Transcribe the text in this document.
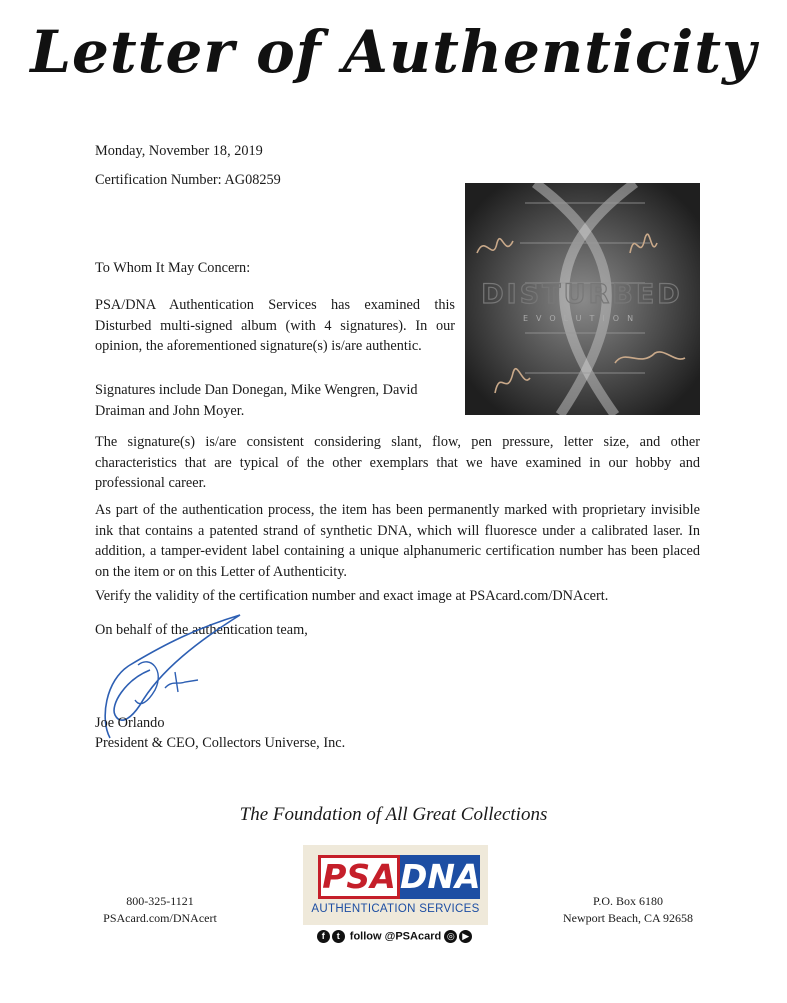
Letter of Authenticity
Monday, November 18, 2019
Certification Number: AG08259
To Whom It May Concern:
PSA/DNA Authentication Services has examined this Disturbed multi-signed album (with 4 signatures). In our opinion, the aforementioned signature(s) is/are authentic.
Signatures include Dan Donegan, Mike Wengren, David Draiman and John Moyer.
DISTURBED
EVOLUTION
The signature(s) is/are consistent considering slant, flow, pen pressure, letter size, and other characteristics that are typical of the other exemplars that we have examined in our hobby and professional career.
As part of the authentication process, the item has been permanently marked with proprietary invisible ink that contains a patented strand of synthetic DNA, which will fluoresce under a calibrated laser. In addition, a tamper-evident label containing a unique alphanumeric certification number has been placed on the item or on this Letter of Authenticity.
Verify the validity of the certification number and exact image at PSAcard.com/DNAcert.
On behalf of the authentication team,
Joe Orlando
President & CEO, Collectors Universe, Inc.
The Foundation of All Great Collections
800-325-1121
PSAcard.com/DNAcert
PSA DNA
AUTHENTICATION SERVICES
f t follow @PSAcard ◎ ▶
P.O. Box 6180
Newport Beach, CA 92658
